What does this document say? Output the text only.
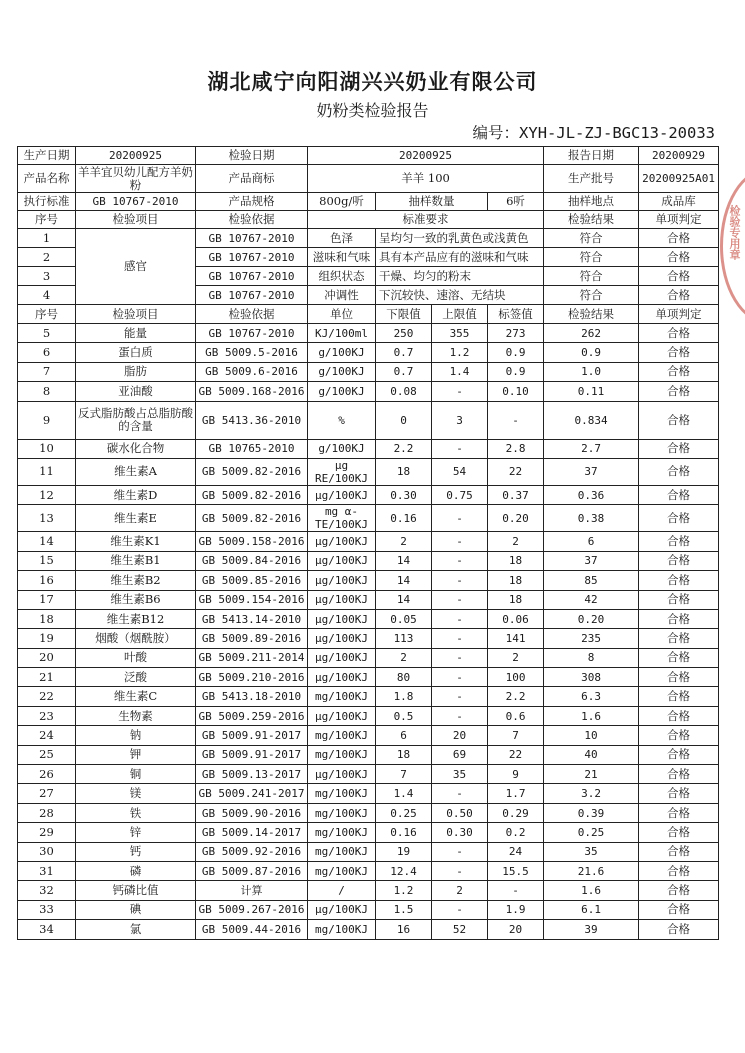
湖北咸宁向阳湖兴兴奶业有限公司
奶粉类检验报告
编号：XYH-JL-ZJ-BGC13-20033
生产日期	20200925	检验日期	20200925				报告日期	20200929
产品名称	羊羊宜贝幼儿配方羊奶粉	产品商标	羊羊 100				生产批号	20200925A01
执行标准	GB 10767-2010	产品规格	800g/听	抽样数量		6听	抽样地点	成品库
序号	检验项目	检验依据	标准要求				检验结果	单项判定
1	感官	GB 10767-2010	色泽	呈均匀一致的乳黄色或浅黄色			符合	合格
2		GB 10767-2010	滋味和气味	具有本产品应有的滋味和气味			符合	合格
3		GB 10767-2010	组织状态	干燥、均匀的粉末			符合	合格
4		GB 10767-2010	冲调性	下沉较快、速溶、无结块			符合	合格
序号	检验项目	检验依据	单位	下限值	上限值	标签值	检验结果	单项判定
5	能量	GB 10767-2010	KJ/100ml	250	355	273	262	合格
6	蛋白质	GB 5009.5-2016	g/100KJ	0.7	1.2	0.9	0.9	合格
7	脂肪	GB 5009.6-2016	g/100KJ	0.7	1.4	0.9	1.0	合格
8	亚油酸	GB 5009.168-2016	g/100KJ	0.08	-	0.10	0.11	合格
9	反式脂肪酸占总脂肪酸的含量	GB 5413.36-2010	%	0	3	-	0.834	合格
10	碳水化合物	GB 10765-2010	g/100KJ	2.2	-	2.8	2.7	合格
11	维生素A	GB 5009.82-2016	μg RE/100KJ	18	54	22	37	合格
12	维生素D	GB 5009.82-2016	μg/100KJ	0.30	0.75	0.37	0.36	合格
13	维生素E	GB 5009.82-2016	mg α-TE/100KJ	0.16	-	0.20	0.38	合格
14	维生素K1	GB 5009.158-2016	μg/100KJ	2	-	2	6	合格
15	维生素B1	GB 5009.84-2016	μg/100KJ	14	-	18	37	合格
16	维生素B2	GB 5009.85-2016	μg/100KJ	14	-	18	85	合格
17	维生素B6	GB 5009.154-2016	μg/100KJ	14	-	18	42	合格
18	维生素B12	GB 5413.14-2010	μg/100KJ	0.05	-	0.06	0.20	合格
19	烟酸（烟酰胺）	GB 5009.89-2016	μg/100KJ	113	-	141	235	合格
20	叶酸	GB 5009.211-2014	μg/100KJ	2	-	2	8	合格
21	泛酸	GB 5009.210-2016	μg/100KJ	80	-	100	308	合格
22	维生素C	GB 5413.18-2010	mg/100KJ	1.8	-	2.2	6.3	合格
23	生物素	GB 5009.259-2016	μg/100KJ	0.5	-	0.6	1.6	合格
24	钠	GB 5009.91-2017	mg/100KJ	6	20	7	10	合格
25	钾	GB 5009.91-2017	mg/100KJ	18	69	22	40	合格
26	铜	GB 5009.13-2017	μg/100KJ	7	35	9	21	合格
27	镁	GB 5009.241-2017	mg/100KJ	1.4	-	1.7	3.2	合格
28	铁	GB 5009.90-2016	mg/100KJ	0.25	0.50	0.29	0.39	合格
29	锌	GB 5009.14-2017	mg/100KJ	0.16	0.30	0.2	0.25	合格
30	钙	GB 5009.92-2016	mg/100KJ	19	-	24	35	合格
31	磷	GB 5009.87-2016	mg/100KJ	12.4	-	15.5	21.6	合格
32	钙磷比值	计算	/	1.2	2	-	1.6	合格
33	碘	GB 5009.267-2016	μg/100KJ	1.5	-	1.9	6.1	合格
34	氯	GB 5009.44-2016	mg/100KJ	16	52	20	39	合格
检验专用章
